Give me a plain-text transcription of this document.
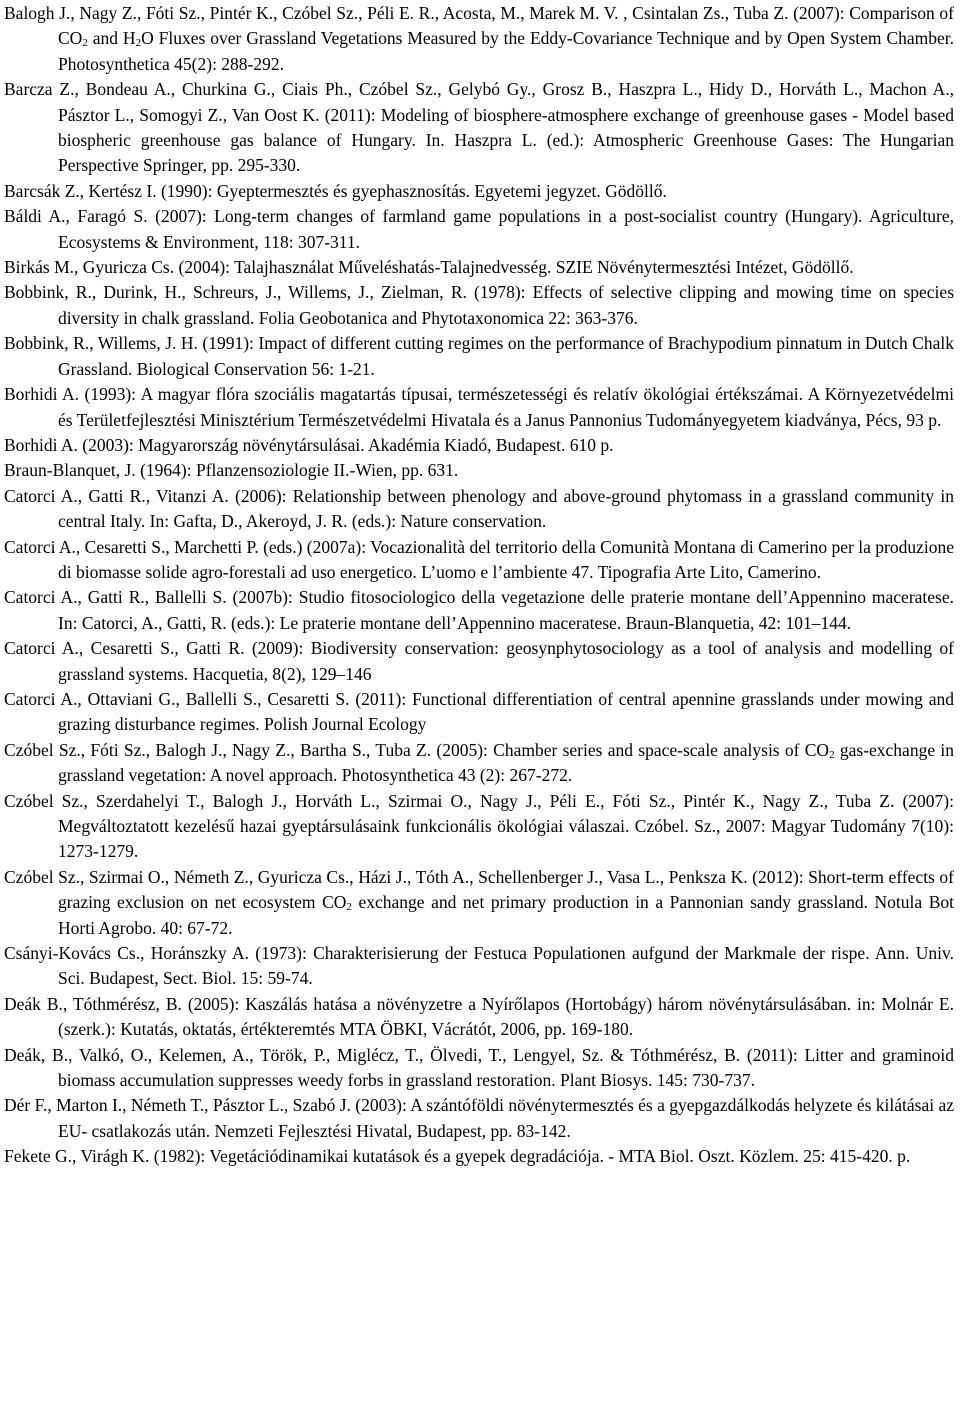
Balogh J., Nagy Z., Fóti Sz., Pintér K., Czóbel Sz., Péli E. R., Acosta, M., Marek M. V. , Csintalan Zs., Tuba Z. (2007): Comparison of $CO_2$ and $H_2O$ Fluxes over Grassland Vegetations Measured by the Eddy-Covariance Technique and by Open System Chamber. Photosynthetica 45(2): 288-292.

Barcza Z., Bondeau A., Churkina G., Ciais Ph., Czóbel Sz., Gelybó Gy., Grosz B., Haszpra L., Hidy D., Horváth L., Machon A., Pásztor L., Somogyi Z., Van Oost K. (2011): Modeling of biosphere-atmosphere exchange of greenhouse gases - Model based biospheric greenhouse gas balance of Hungary. In. Haszpra L. (ed.): Atmospheric Greenhouse Gases: The Hungarian Perspective Springer, pp. 295-330.

Barcsák Z., Kertész I. (1990): Gyeptermesztés és gyephasznosítás. Egyetemi jegyzet. Gödöllő.

Báldi A., Faragó S. (2007): Long-term changes of farmland game populations in a post-socialist country (Hungary). Agriculture, Ecosystems & Environment, 118: 307-311.

Birkás M., Gyuricza Cs. (2004): Talajhasználat Műveléshatás-Talajnedvesség. SZIE Növénytermesztési Intézet, Gödöllő.

Bobbink, R., Durink, H., Schreurs, J., Willems, J., Zielman, R. (1978): Effects of selective clipping and mowing time on species diversity in chalk grassland. Folia Geobotanica and Phytotaxonomica 22: 363-376.

Bobbink, R., Willems, J. H. (1991): Impact of different cutting regimes on the performance of Brachypodium pinnatum in Dutch Chalk Grassland. Biological Conservation 56: 1-21.

Borhidi A. (1993): A magyar flóra szociális magatartás típusai, természetességi és relatív ökológiai értékszámai. A Környezetvédelmi és Területfejlesztési Minisztérium Természetvédelmi Hivatala és a Janus Pannonius Tudományegyetem kiadványa, Pécs, 93 p.

Borhidi A. (2003): Magyarország növénytársulásai. Akadémia Kiadó, Budapest. 610 p.

Braun-Blanquet, J. (1964): Pflanzensoziologie II.-Wien, pp. 631.

Catorci A., Gatti R., Vitanzi A. (2006): Relationship between phenology and above-ground phytomass in a grassland community in central Italy. In: Gafta, D., Akeroyd, J. R. (eds.): Nature conservation.

Catorci A., Cesaretti S., Marchetti P. (eds.) (2007a): Vocazionalità del territorio della Comunità Montana di Camerino per la produzione di biomasse solide agro-forestali ad uso energetico. L’uomo e l’ambiente 47. Tipografia Arte Lito, Camerino.

Catorci A., Gatti R., Ballelli S. (2007b): Studio fitosociologico della vegetazione delle praterie montane dell’Appennino maceratese. In: Catorci, A., Gatti, R. (eds.): Le praterie montane dell’Appennino maceratese. Braun-Blanquetia, 42: 101–144.

Catorci A., Cesaretti S., Gatti R. (2009): Biodiversity conservation: geosynphytosociology as a tool of analysis and modelling of grassland systems. Hacquetia, 8(2), 129–146

Catorci A., Ottaviani G., Ballelli S., Cesaretti S. (2011): Functional differentiation of central apennine grasslands under mowing and grazing disturbance regimes. Polish Journal Ecology

Czóbel Sz., Fóti Sz., Balogh J., Nagy Z., Bartha S., Tuba Z. (2005): Chamber series and space-scale analysis of $CO_2$ gas-exchange in grassland vegetation: A novel approach. Photosynthetica 43 (2): 267-272.

Czóbel Sz., Szerdahelyi T., Balogh J., Horváth L., Szirmai O., Nagy J., Péli E., Fóti Sz., Pintér K., Nagy Z., Tuba Z. (2007): Megváltoztatott kezelésű hazai gyeptársulásaink funkcionális ökológiai válaszai. Czóbel. Sz., 2007: Magyar Tudomány 7(10): 1273-1279.

Czóbel Sz., Szirmai O., Németh Z., Gyuricza Cs., Házi J., Tóth A., Schellenberger J., Vasa L., Penksza K. (2012): Short-term effects of grazing exclusion on net ecosystem $CO_2$ exchange and net primary production in a Pannonian sandy grassland. Notula Bot Horti Agrobo. 40: 67-72.

Csányi-Kovács Cs., Horánszky A. (1973): Charakterisierung der Festuca Populationen aufgund der Markmale der rispe. Ann. Univ. Sci. Budapest, Sect. Biol. 15: 59-74.

Deák B., Tóthmérész, B. (2005): Kaszálás hatása a növényzetre a Nyírőlapos (Hortobágy) három növénytársulásában. in: Molnár E. (szerk.): Kutatás, oktatás, értékteremtés MTA ÖBKI, Vácrátót, 2006, pp. 169-180.

Deák, B., Valkó, O., Kelemen, A., Török, P., Miglécz, T., Ölvedi, T., Lengyel, Sz. & Tóthmérész, B. (2011): Litter and graminoid biomass accumulation suppresses weedy forbs in grassland restoration. Plant Biosys. 145: 730-737.

Dér F., Marton I., Németh T., Pásztor L., Szabó J. (2003): A szántóföldi növénytermesztés és a gyepgazdálkodás helyzete és kilátásai az EU- csatlakozás után. Nemzeti Fejlesztési Hivatal, Budapest, pp. 83-142.

Fekete G., Virágh K. (1982): Vegetációdinamikai kutatások és a gyepek degradációja. - MTA Biol. Oszt. Közlem. 25: 415-420. p.
